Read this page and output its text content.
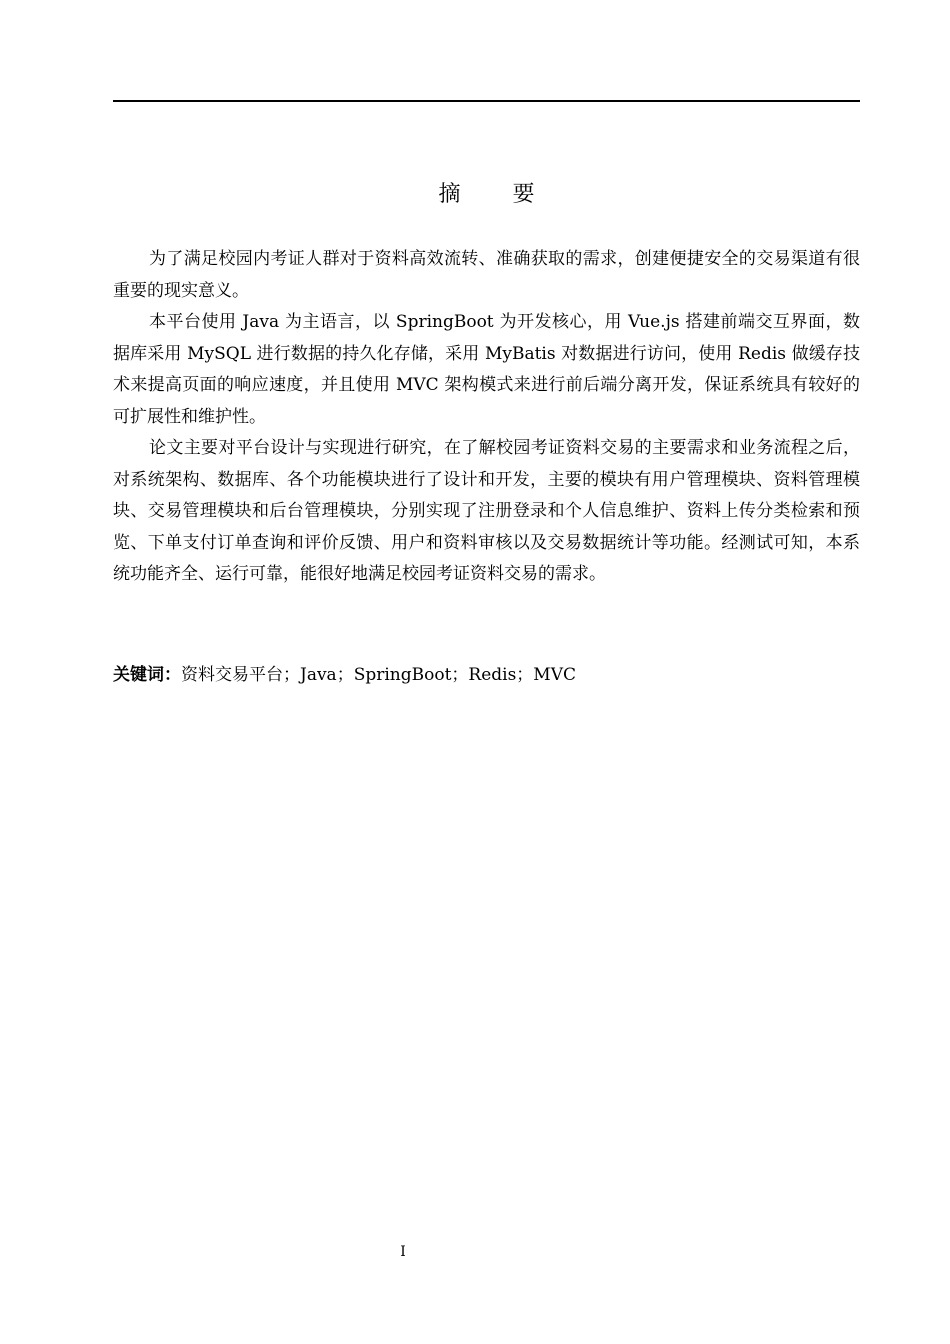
摘 要

为了满足校园内考证人群对于资料高效流转、准确获取的需求，创建便捷安全的交易渠道有很重要的现实意义。

本平台使用 Java 为主语言，以 SpringBoot 为开发核心，用 Vue.js 搭建前端交互界面，数据库采用 MySQL 进行数据的持久化存储，采用 MyBatis 对数据进行访问，使用 Redis 做缓存技术来提高页面的响应速度，并且使用 MVC 架构模式来进行前后端分离开发，保证系统具有较好的可扩展性和维护性。

论文主要对平台设计与实现进行研究，在了解校园考证资料交易的主要需求和业务流程之后，对系统架构、数据库、各个功能模块进行了设计和开发，主要的模块有用户管理模块、资料管理模块、交易管理模块和后台管理模块，分别实现了注册登录和个人信息维护、资料上传分类检索和预览、下单支付订单查询和评价反馈、用户和资料审核以及交易数据统计等功能。经测试可知，本系统功能齐全、运行可靠，能很好地满足校园考证资料交易的需求。

关键词：资料交易平台；Java；SpringBoot；Redis；MVC
I
